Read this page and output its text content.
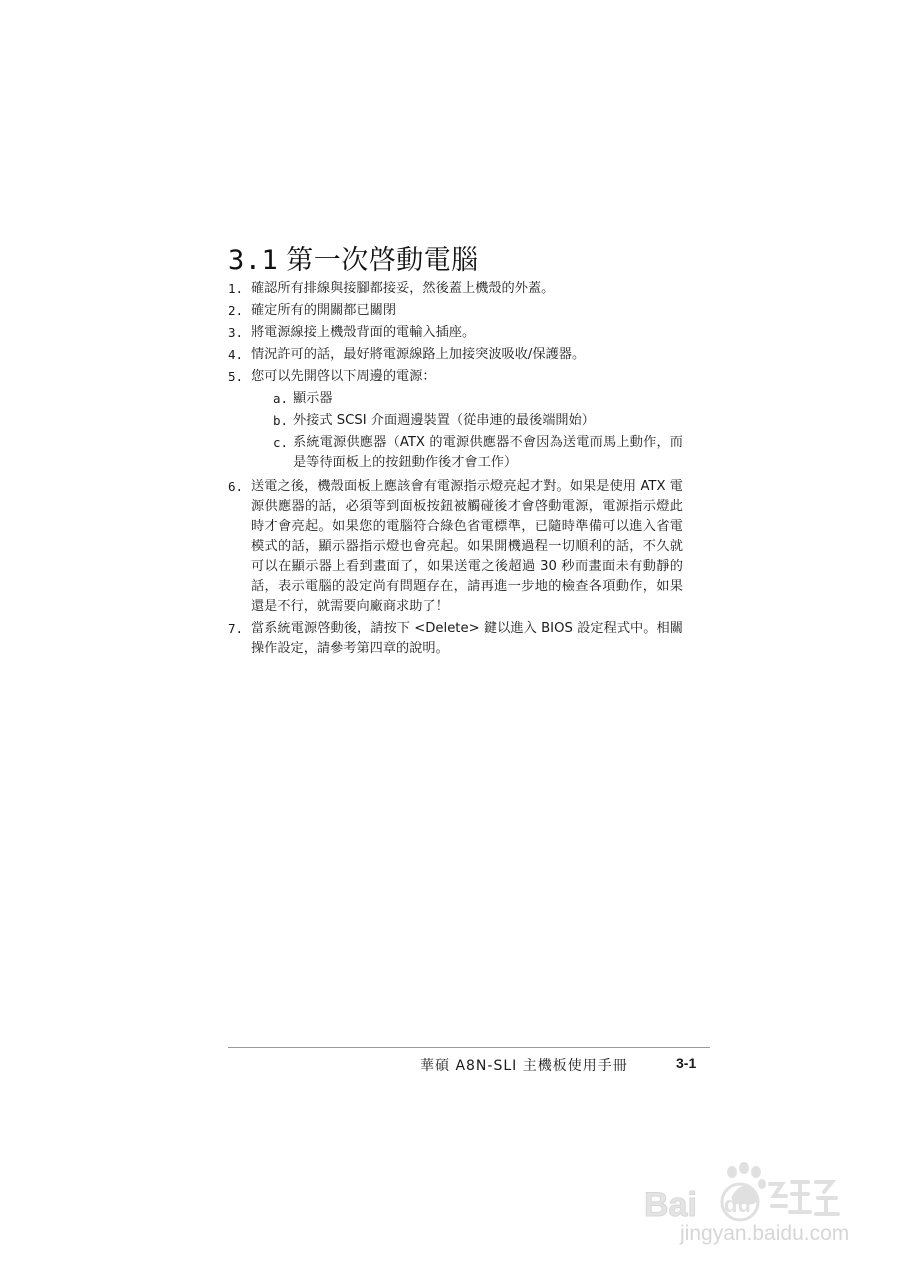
3.1 第一次啓動電腦
1. 確認所有排線與接腳都接妥，然後蓋上機殼的外蓋。
2. 確定所有的開關都已關閉
3. 將電源線接上機殼背面的電輸入插座。
4. 情況許可的話，最好將電源線路上加接突波吸收/保護器。
5. 您可以先開啓以下周邊的電源：
a. 顯示器
b. 外接式 SCSI 介面週邊裝置（從串連的最後端開始）
c. 系統電源供應器（ATX 的電源供應器不會因為送電而馬上動作，而是等待面板上的按鈕動作後才會工作）
6. 送電之後，機殼面板上應該會有電源指示燈亮起才對。如果是使用 ATX 電源供應器的話，必須等到面板按鈕被觸碰後才會啓動電源，電源指示燈此時才會亮起。如果您的電腦符合綠色省電標準，已隨時準備可以進入省電模式的話，顯示器指示燈也會亮起。如果開機過程一切順利的話，不久就可以在顯示器上看到畫面了，如果送電之後超過 30 秒而畫面未有動靜的話，表示電腦的設定尚有問題存在，請再進一步地的檢查各項動作，如果還是不行，就需要向廠商求助了！
7. 當系統電源啓動後，請按下 <Delete> 鍵以進入 BIOS 設定程式中。相關操作設定，請參考第四章的說明。
華碩 A8N-SLI 主機板使用手冊	3-1
Bai du
jingyan.baidu.com
